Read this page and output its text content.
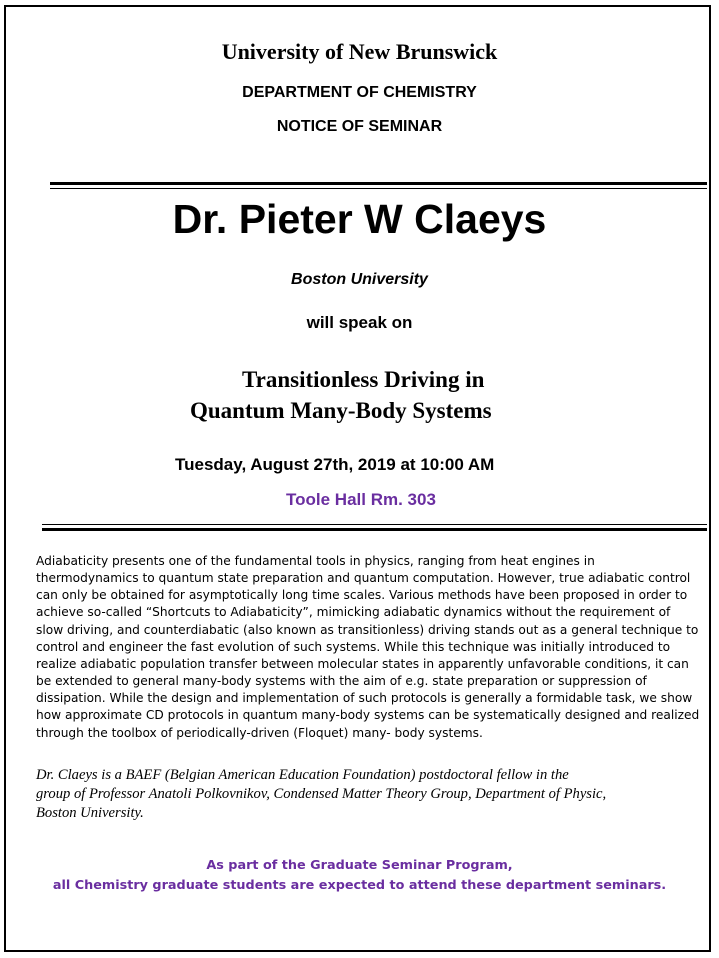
University of New Brunswick
DEPARTMENT OF CHEMISTRY
NOTICE OF SEMINAR
Dr. Pieter W Claeys
Boston University
will speak on
Transitionless Driving in
Quantum Many-Body Systems
Tuesday, August 27th, 2019 at 10:00 AM
Toole Hall Rm. 303
Adiabaticity presents one of the fundamental tools in physics, ranging from heat engines in
thermodynamics to quantum state preparation and quantum computation. However, true adiabatic control
can only be obtained for asymptotically long time scales. Various methods have been proposed in order to
achieve so-called “Shortcuts to Adiabaticity”, mimicking adiabatic dynamics without the requirement of
slow driving, and counterdiabatic (also known as transitionless) driving stands out as a general technique to
control and engineer the fast evolution of such systems. While this technique was initially introduced to
realize adiabatic population transfer between molecular states in apparently unfavorable conditions, it can
be extended to general many-body systems with the aim of e.g. state preparation or suppression of
dissipation. While the design and implementation of such protocols is generally a formidable task, we show
how approximate CD protocols in quantum many-body systems can be systematically designed and realized
through the toolbox of periodically-driven (Floquet) many- body systems.
Dr. Claeys is a BAEF (Belgian American Education Foundation) postdoctoral fellow in the
group of Professor Anatoli Polkovnikov, Condensed Matter Theory Group, Department of Physic,
Boston University.
As part of the Graduate Seminar Program,
all Chemistry graduate students are expected to attend these department seminars.
